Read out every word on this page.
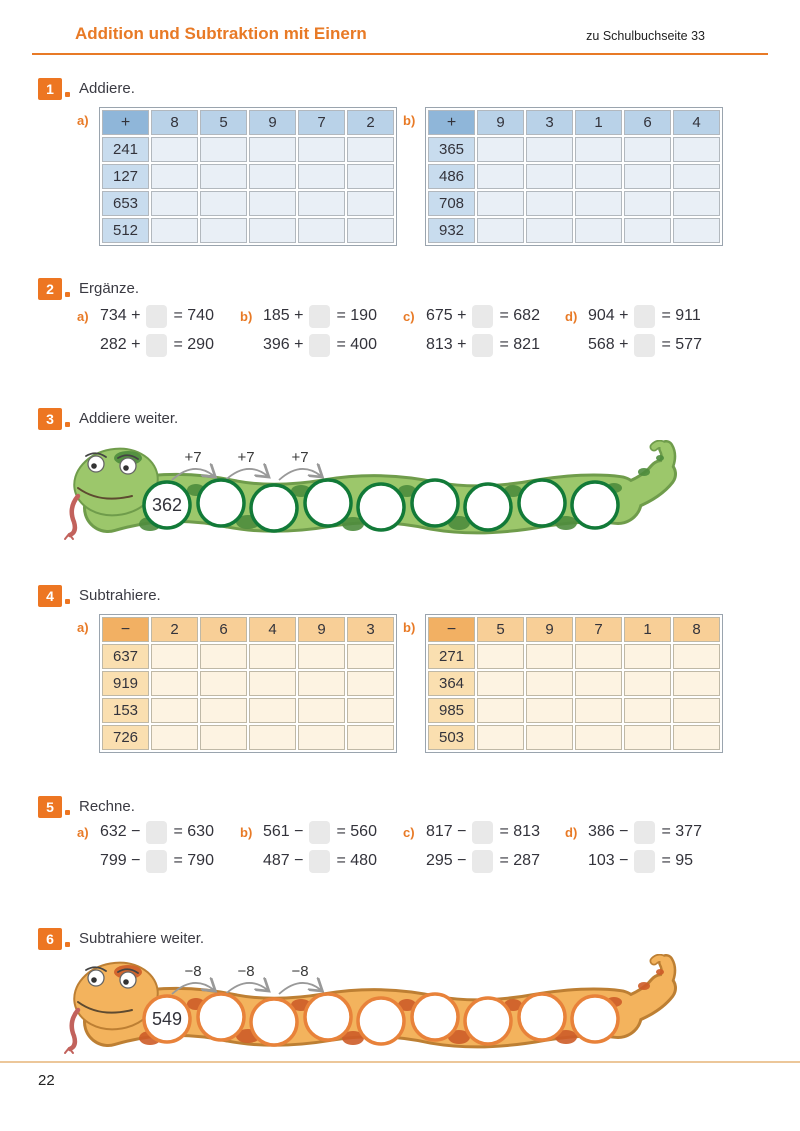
Addition und Subtraktion mit Einern	zu Schulbuchseite 33
1	Addiere.
a) +	8	5	9	7	2
241					
127					
653					
512					
b) +	9	3	1	6	4
365					
486					
708					
932					
2	Ergänze.
a) 734 + = 740
282 + = 290
b) 185 + = 190
396 + = 400
c) 675 + = 682
813 + = 821
d) 904 + = 911
568 + = 577
3	Addiere weiter.
+7 +7 +7
362
4	Subtrahiere.
a) −	2	6	4	9	3
637					
919					
153					
726					
b) −	5	9	7	1	8
271					
364					
985					
503					
5	Rechne.
a) 632 − = 630
799 − = 790
b) 561 − = 560
487 − = 480
c) 817 − = 813
295 − = 287
d) 386 − = 377
103 − = 95
6	Subtrahiere weiter.
−8 −8 −8
549
22
